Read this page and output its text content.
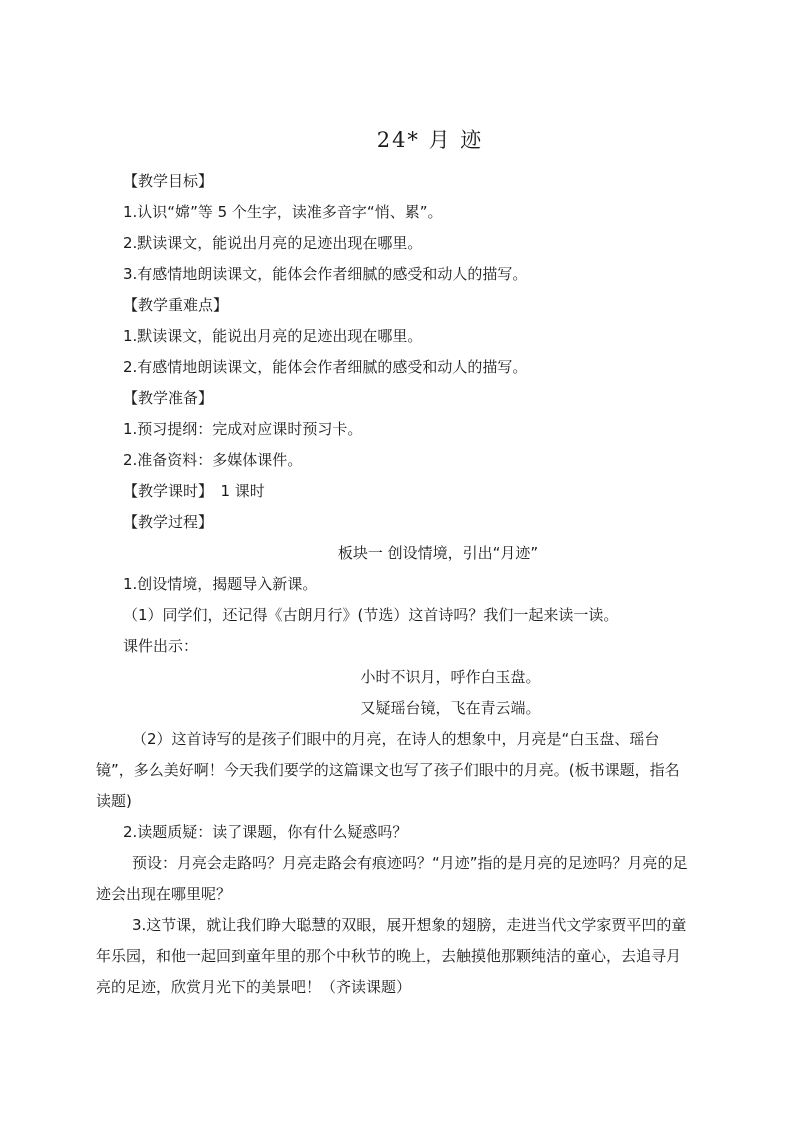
24* 月 迹
【教学目标】
1.认识“嫦”等 5 个生字，读准多音字“悄、累”。
2.默读课文，能说出月亮的足迹出现在哪里。
3.有感情地朗读课文，能体会作者细腻的感受和动人的描写。
【教学重难点】
1.默读课文，能说出月亮的足迹出现在哪里。
2.有感情地朗读课文，能体会作者细腻的感受和动人的描写。
【教学准备】
1.预习提纲：完成对应课时预习卡。
2.准备资料：多媒体课件。
【教学课时】　1 课时
【教学过程】
板块一 创设情境，引出“月迹”
1.创设情境，揭题导入新课。
（1）同学们，还记得《古朗月行》(节选）这首诗吗？我们一起来读一读。
课件出示：
小时不识月，呼作白玉盘。
又疑瑶台镜，飞在青云端。
（2）这首诗写的是孩子们眼中的月亮，在诗人的想象中，月亮是“白玉盘、瑶台镜”，多么美好啊！今天我们要学的这篇课文也写了孩子们眼中的月亮。(板书课题，指名读题)
2.读题质疑：读了课题，你有什么疑惑吗？
预设：月亮会走路吗？月亮走路会有痕迹吗？“月迹”指的是月亮的足迹吗？月亮的足迹会出现在哪里呢？
3.这节课，就让我们睁大聪慧的双眼，展开想象的翅膀，走进当代文学家贾平凹的童年乐园，和他一起回到童年里的那个中秋节的晚上，去触摸他那颗纯洁的童心，去追寻月亮的足迹，欣赏月光下的美景吧！（齐读课题）
